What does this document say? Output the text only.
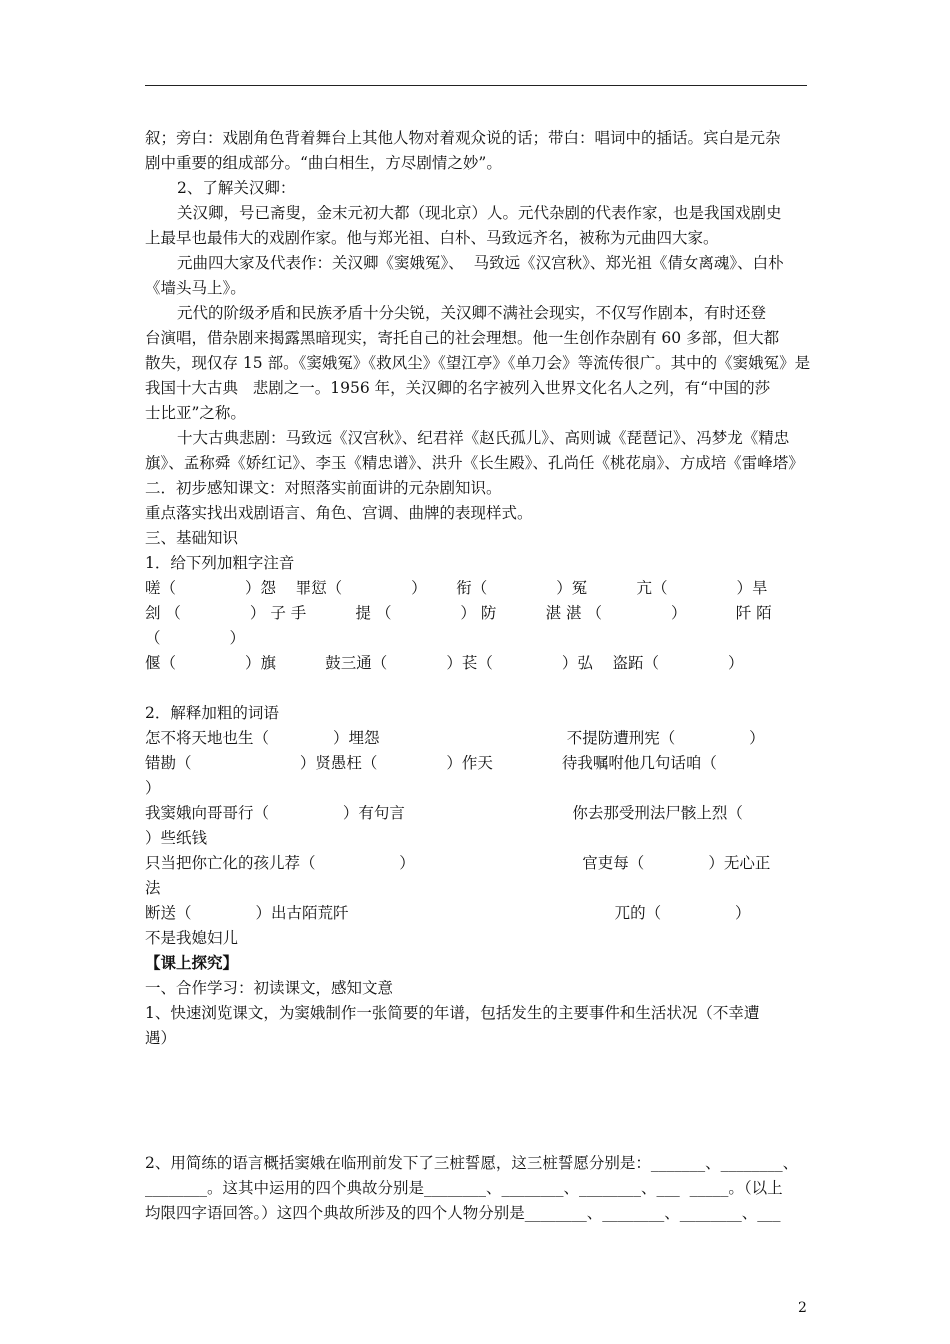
叙；旁白：戏剧角色背着舞台上其他人物对着观众说的话；带白：唱词中的插话。宾白是元杂
剧中重要的组成部分。“曲白相生，方尽剧情之妙”。
2、了解关汉卿：
关汉卿，号已斋叟，金末元初大都（现北京）人。元代杂剧的代表作家，也是我国戏剧史
上最早也最伟大的戏剧作家。他与郑光祖、白朴、马致远齐名，被称为元曲四大家。
元曲四大家及代表作：关汉卿《窦娥冤》、  马致远《汉宫秋》、郑光祖《倩女离魂》、白朴
《墙头马上》。
元代的阶级矛盾和民族矛盾十分尖锐，关汉卿不满社会现实，不仅写作剧本，有时还登
台演唱，借杂剧来揭露黑暗现实，寄托自己的社会理想。他一生创作杂剧有 60 多部，但大都
散失，现仅存 15 部。《窦娥冤》《救风尘》《望江亭》《单刀会》等流传很广。其中的《窦娥冤》是
我国十大古典   悲剧之一。1956 年，关汉卿的名字被列入世界文化名人之列，有“中国的莎
士比亚”之称。
十大古典悲剧：马致远《汉宫秋》、纪君祥《赵氏孤儿》、高则诚《琵琶记》、冯梦龙《精忠
旗》、孟称舜《娇红记》、李玉《精忠谱》、洪升《长生殿》、孔尚任《桃花扇》、方成培《雷峰塔》
二．初步感知课文：对照落实前面讲的元杂剧知识。
重点落实找出戏剧语言、角色、宫调、曲牌的表现样式。
三、基础知识
1．给下列加粗字注音
嗟（              ）怨    罪愆（              ）      衔（              ）冤          亢（              ）旱
刽 （              ） 子 手          提 （              ） 防          湛 湛 （              ）          阡 陌
（              ）
偃（              ）旗          鼓三通（            ）苌（              ）弘    盗跖（              ）
2．解释加粗的词语
怎不将天地也生（             ）埋怨                                      不提防遭刑宪（               ）
错勘（                      ）贤愚枉（              ）作天              待我嘱咐他几句话咱（
）
我窦娥向哥哥行（               ）有句言                                  你去那受刑法尸骸上烈（
）些纸钱
只当把你亡化的孩儿荐（                 ）                                  官吏每（             ）无心正
法
断送（             ）出古陌荒阡                                                      兀的（               ）
不是我媳妇儿
【课上探究】
一、合作学习：初读课文，感知文意
1、快速浏览课文，为窦娥制作一张简要的年谱，包括发生的主要事件和生活状况（不幸遭
遇）
2、用简练的语言概括窦娥在临刑前发下了三桩誓愿，这三桩誓愿分别是：_______、________、
________。这其中运用的四个典故分别是________、________、________、___  _____。（以上
均限四字语回答。）这四个典故所涉及的四个人物分别是________、________、________、___
2
